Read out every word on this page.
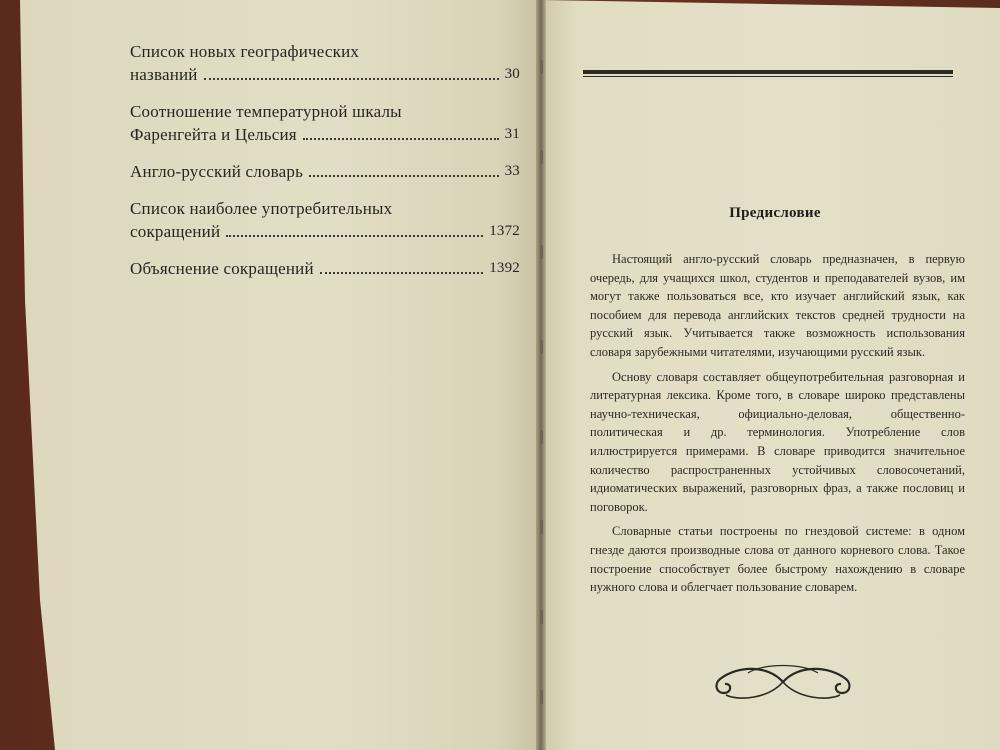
Список новых географических
названий	30
Соотношение температурной шкалы
Фаренгейта и Цельсия	31
Англо-русский словарь	33
Список наиболее употребительных
сокращений	1372
Объяснение сокращений	1392
Предисловие

Настоящий англо-русский словарь предназначен, в первую очередь, для учащихся школ, студентов и преподавателей вузов, им могут также пользоваться все, кто изучает английский язык, как пособием для перевода английских текстов средней трудности на русский язык. Учитывается также возможность использования словаря зарубежными читателями, изучающими русский язык.

Основу словаря составляет общеупотребительная разговорная и литературная лексика. Кроме того, в словаре широко представлены научно-техническая, официально-деловая, общественно-политическая и др. терминология. Употребление слов иллюстрируется примерами. В словаре приводится значительное количество распространенных устойчивых словосочетаний, идиоматических выражений, разговорных фраз, а также пословиц и поговорок.

Словарные статьи построены по гнездовой системе: в одном гнезде даются производные слова от данного корневого слова. Такое построение способствует более быстрому нахождению в словаре нужного слова и облегчает пользование словарем.
